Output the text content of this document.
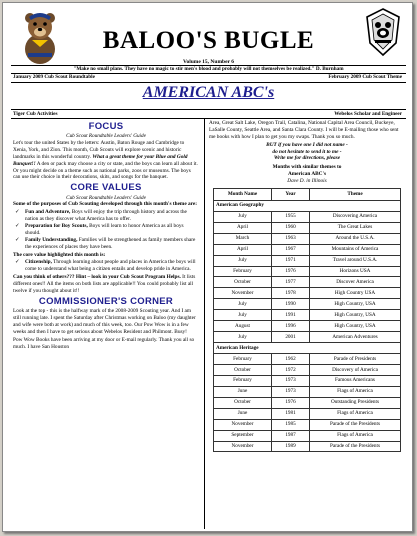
BALOO'S BUGLE
Volume 15, Number 6
"Make no small plans. They have no magic to stir men's blood and probably will not themselves be realized." D. Burnham
January 2009 Cub Scout Roundtable	February 2009 Cub Scout Theme
AMERICAN ABC's
Tiger Cub Activities	Webelos Scholar and Engineer
FOCUS
Cub Scout Roundtable Leaders' Guide

Let's tour the united States by the letters: Austin, Baton Rouge and Cambridge to Xenia, York, and Zion. This month, Cub Scouts will explore scenic and historic landmarks in this wonderful country. What a great theme for your Blue and Gold Banquet!! A den or pack may choose a city or state, and the boys can learn all about it. Or you might decide on a theme such as national parks, zoos or museums. The boys can use their choice in their decorations, skits, and songs for the banquet.

CORE VALUES
Cub Scout Roundtable Leaders' Guide

Some of the purposes of Cub Scouting developed through this month's theme are:

✓ Fun and Adventure, Boys will enjoy the trip through history and across the nation as they discover what America has to offer.
✓ Preparation for Boy Scouts, Boys will learn to honor America as all boys should.
✓ Family Understanding, Families will be strengthened as family members share the experiences of places they have been.

The core value highlighted this month is:

✓ Citizenship, Through learning about people and places in America the boys will come to understand what being a citizen entails and develop pride in America.

Can you think of others??? Hint – look in your Cub Scout Program Helps. It lists different ones!! All the items on both lists are applicable!! You could probably list all twelve if you thought about it!!

COMMISSIONER'S CORNER

Look at the top - this is the halfway mark of the 2008-2009 Scouting year. And I am still running late. I spent the Saturday after Christmas working on Baloo (my daughter and wife were both at work) and much of this week, too. Our Pow Wow is in a few weeks and then I have to get serious about Webelos Resident and Philmont. Busy!

Pow Wow Books have been arriving at my door or E-mail regularly. Thank you all so much. I have San Houston

Area, Great Salt Lake, Oregon Trail, Catalina, National Capital Area Council, Buckeye, LaSalle County, Seattle Area, and Santa Clara County. I will be E-mailing those who sent me books with how I plan to get you my swaps. Thank you so much.

BUT if you have one I did not name -
do not hesitate to send it to me -
Write me for directions, please
Months with similar themes to
American ABC's
Dave D. in Illinois
Month Name	Year	Theme
American Geography		
July	1955	Discovering America
April	1960	The Great Lakes
March	1963	Around the U.S.A.
April	1967	Mountains of America
July	1971	Travel around U.S.A.
February	1976	Horizons USA
October	1977	Discover America
November	1978	High Country USA
July	1990	High Country, USA
July	1991	High Country, USA
August	1996	High Country, USA
July	2001	American Adventures
American Heritage		
February	1962	Parade of Presidents
October	1972	Discovery of America
February	1973	Famous Americans
June	1973	Flags of America
October	1976	Outstanding Presidents
June	1981	Flags of America
November	1985	Parade of the Presidents
September	1987	Flags of America
November	1989	Parade of the Presidents
